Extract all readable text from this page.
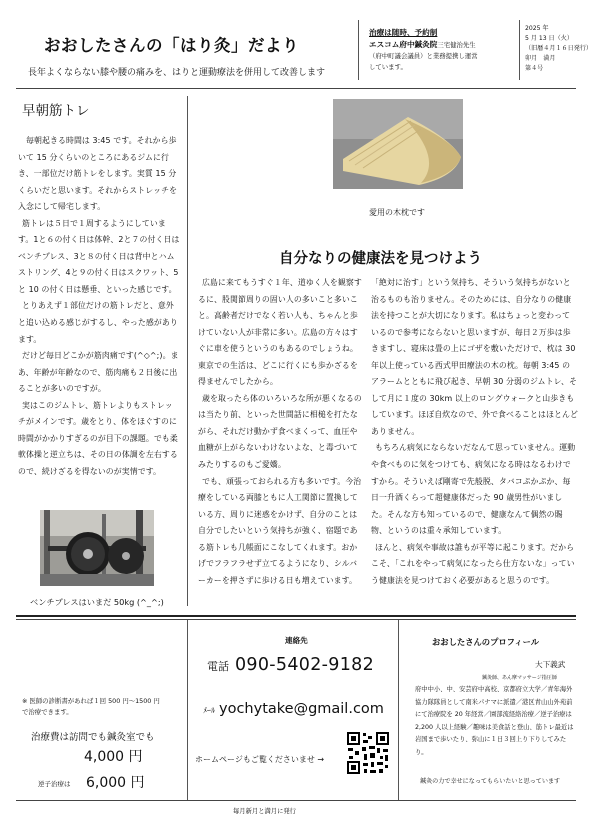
おおしたさんの「はり灸」だより
長年よくならない膝や腰の痛みを、はりと運動療法を併用して改善します
治療は随時、予約制
エスコム府中鍼灸院三宅健治先生
（府中町議会議員）と業務提携し運営
しています。
2025 年
5 月 13 日（火）
（旧暦４月１６日発行）
卯月　満月
第４号
早朝筋トレ

毎朝起きる時間は 3:45 です。それから歩いて 15 分くらいのところにあるジムに行き、一部位だけ筋トレをします。実質 15 分くらいだと思います。それからストレッチを入念にして帰宅します。

筋トレは５日で１周するようにしています。1と６の付く日は体幹、2と７の付く日はベンチプレス、3と８の付く日は背中とハムストリング、4と９の付く日はスクワット、5と 10 の付く日は懸垂、といった感じです。

とりあえず１部位だけの筋トレだと、意外と追い込める感じがするし、やった感があります。

だけど毎日どこかが筋肉痛です(^◇^;)。まあ、年齢が年齢なので、筋肉痛も２日後に出ることが多いのですが。

実はこのジムトレ、筋トレよりもストレッチがメインです。歳をとり、体をほぐすのに時間がかかりすぎるのが目下の課題。でも柔軟体操と逆立ちは、その日の体調を左右するので、続けざるを得ないのが実情です。

ベンチプレスはいまだ 50kg (^_^;)
愛用の木枕です
自分なりの健康法を見つけよう

広島に来てもうすぐ１年、道ゆく人を観察するに、股関節周りの固い人の多いこと多いこと。高齢者だけでなく若い人も、ちゃんと歩けていない人が非常に多い。広島の方々はすぐに車を使うというのもあるのでしょうね。東京での生活は、どこに行くにも歩かざるを得ませんでしたから。

歳を取ったら体のいろいろな所が悪くなるのは当たり前、といった世間話に相槌を打たながら、それだけ動かず食べまくって、血圧や血糖が上がらないわけないよな、と毒づいてみたりするのもご愛嬌。

でも、頑張っておられる方も多いです。今治療をしている両膝ともに人工関節に置換している方、周りに迷惑をかけず、自分のことは自分でしたいという気持ちが強く、宿題である筋トレも几帳面にこなしてくれます。おかげでフラフラせず立てるようになり、シルバーカーを押さずに歩ける日も増えています。

「絶対に治す」という気持ち、そういう気持ちがないと治るものも治りません。そのためには、自分なりの健康法を持つことが大切になります。私はちょっと変わっているので参考にならないと思いますが、毎日２万歩は歩きますし、寝床は畳の上にゴザを敷いただけで、枕は 30 年以上使っている西式甲田療法の木の枕。毎朝 3:45 のアラームとともに飛び起き、早朝 30 分弱のジムトレ、そして月に１度の 30km 以上のロングウォークと山歩きもしています。ほぼ自炊なので、外で食べることはほとんどありません。

もちろん病気にならないだなんて思っていません。運動や食べものに気をつけても、病気になる時はなるわけですから。そういえば剛寄で先般脱、タバコぷかぷか、毎日一升酒くらって超健康体だった 90 歳男性がいました。そんな方も知っているので、健康なんて偶然の賜物、というのは重々承知しています。

ほんと、病気や事故は誰もが平等に起こります。だからこそ、「これをやって病気になったら仕方ないな」っていう健康法を見つけておく必要があると思うのです。

※ 医師の診断書があれば１回 500 円～1500 円
で治療できます。
治療費は訪問でも鍼灸室でも
4,000 円
逆子治療は 6,000 円
連絡先
電話 090-5402-9182
ﾒｰﾙ yochytake@gmail.com
ホームページもご覧くださいませ →
おおしたさんのプロフィール
大下義武
鍼灸師、あん摩マッサージ指圧師
府中中小、中、安芸府中高校、京都府立大学／青年海外協力隊隊員として南米パナマに派遣／港区青山山外苑前にて治療院を 20 年経営／園部流経絡治療／逆子治療は 2,200 人以上経験／趣味は美食話と登山、筋トレ最近は岩国まで歩いたり、弥山に１日３回上り下りしてみたり。
鍼灸の力で幸せになってもらいたいと思っています
毎月新月と満月に発行
